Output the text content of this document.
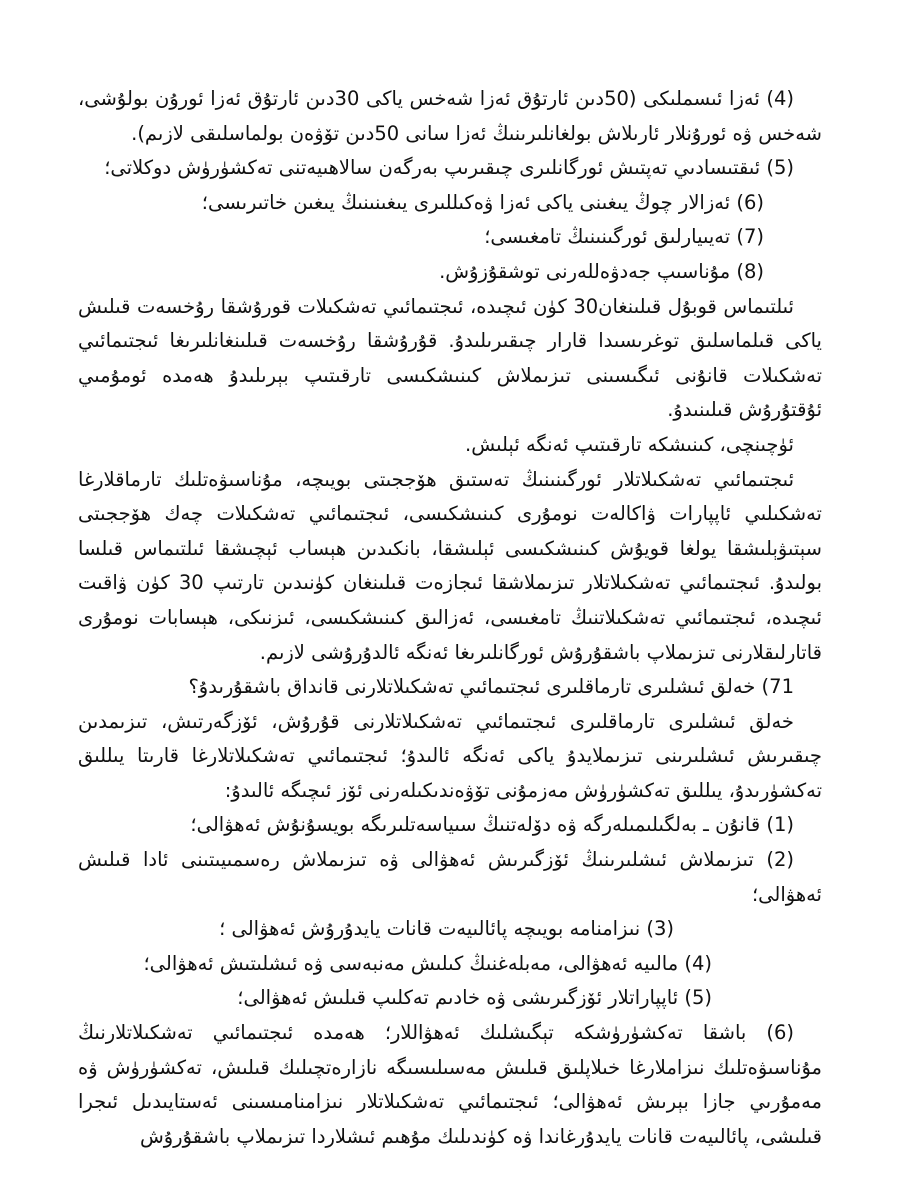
(4) ئەزا ئىسملىكى (50دىن ئارتۇق ئەزا شەخس ياكى 30دىن ئارتۇق ئەزا ئورۇن بولۇشى، شەخس ۋە ئورۇنلار ئارىلاش بولغانلىرىنىڭ ئەزا سانى 50دىن تۆۋەن بولماسلىقى لازىم).

(5) ئىقتىسادىي تەپتىش ئورگانلىرى چىقىرىپ بەرگەن سالاھىيەتنى تەكشۈرۈش دوكلاتى؛

(6) ئەزالار چوڭ يىغىنى ياكى ئەزا ۋەكىللىرى يىغىنىنىڭ يىغىن خاتىرىسى؛

(7) تەيىيارلىق ئورگىنىنىڭ تامغىسى؛

(8) مۇناسىپ جەدۋەللەرنى توشقۇزۇش.

ئىلتىماس قوبۇل قىلىنغان30 كۈن ئىچىدە، ئىجتىمائىي تەشكىلات قورۇشقا رۇخسەت قىلىش ياكى قىلماسلىق توغرىسىدا قارار چىقىرىلىدۇ. قۇرۇشقا رۇخسەت قىلىنغانلىرىغا ئىجتىمائىي تەشكىلات قانۇنى ئىگىسىنى تىزىملاش كىنىشكىسى تارقىتىپ بېرىلىدۇ ھەمدە ئومۇمىي ئۇقتۇرۇش قىلىنىدۇ.

ئۈچىنچى، كىنىشكە تارقىتىپ ئەنگە ئېلىش.

ئىجتىمائىي تەشكىلاتلار ئورگىنىنىڭ تەستىق ھۆججىتى بويىچە، مۇناسىۋەتلىك تارماقلارغا تەشكىلىي ئاپپارات ۋاكالەت نومۇرى كىنىشكىسى، ئىجتىمائىي تەشكىلات چەك ھۆججىتى سېتىۋېلىشقا يولغا قويۇش كىنىشكىسى ئېلىشقا، بانكىدىن ھېساب ئېچىشقا ئىلتىماس قىلسا بولىدۇ. ئىجتىمائىي تەشكىلاتلار تىزىملاشقا ئىجازەت قىلىنغان كۈنىدىن تارتىپ 30 كۈن ۋاقىت ئىچىدە، ئىجتىمائىي تەشكىلاتنىڭ تامغىسى، ئەزالىق كىنىشكىسى، ئىزنىكى، ھېسابات نومۇرى قاتارلىقلارنى تىزىملاپ باشقۇرۇش ئورگانلىرىغا ئەنگە ئالدۇرۇشى لازىم.

71) خەلق ئىشلىرى تارماقلىرى ئىجتىمائىي تەشكىلاتلارنى قانداق باشقۇرىدۇ؟

خەلق ئىشلىرى تارماقلىرى ئىجتىمائىي تەشكىلاتلارنى قۇرۇش، ئۆزگەرتىش، تىزىمدىن چىقىرىش ئىشلىرىنى تىزىملايدۇ ياكى ئەنگە ئالىدۇ؛ ئىجتىمائىي تەشكىلاتلارغا قارىتا يىللىق تەكشۈرىدۇ، يىللىق تەكشۈرۈش مەزمۇنى تۆۋەندىكىلەرنى ئۆز ئىچىگە ئالىدۇ:

(1) قانۇن ـ بەلگىلىمىلەرگە ۋە دۆلەتنىڭ سىياسەتلىرىگە بويسۇنۇش ئەھۋالى؛

(2) تىزىملاش ئىشلىرىنىڭ ئۆزگىرىش ئەھۋالى ۋە تىزىملاش رەسمىيىتىنى ئادا قىلىش ئەھۋالى؛

(3) نىزامنامە بويىچە پائالىيەت قانات يايدۇرۇش ئەھۋالى ؛

(4) مالىيە ئەھۋالى، مەبلەغنىڭ كىلىش مەنبەسى ۋە ئىشلىتىش ئەھۋالى؛

(5) ئاپپاراتلار ئۆزگىرىشى ۋە خادىم تەكلىپ قىلىش ئەھۋالى؛

(6) باشقا تەكشۈرۈشكە تېگىشلىك ئەھۋاللار؛ ھەمدە ئىجتىمائىي تەشكىلاتلارنىڭ مۇناسىۋەتلىك نىزاملارغا خىلاپلىق قىلىش مەسىلىسىگە نازارەتچىلىك قىلىش، تەكشۈرۈش ۋە مەمۇرىي جازا بېرىش ئەھۋالى؛ ئىجتىمائىي تەشكىلاتلار نىزامنامىسىنى ئەستايىدىل ئىجرا قىلىشى، پائالىيەت قانات يايدۇرغاندا ۋە كۈندىلىك مۇھىم ئىشلاردا تىزىملاپ باشقۇرۇش
